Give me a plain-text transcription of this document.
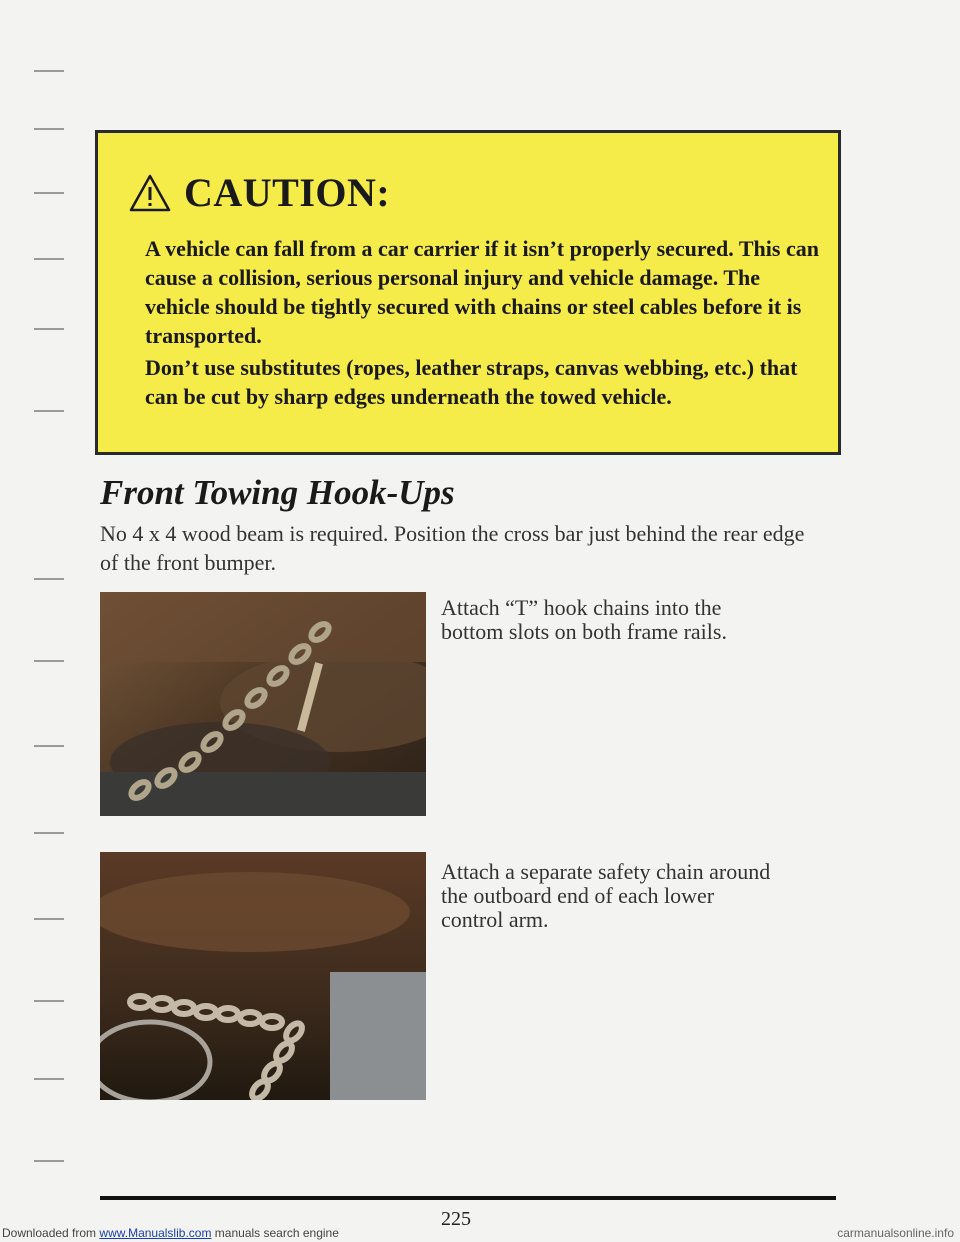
CAUTION:

A vehicle can fall from a car carrier if it isn’t properly secured. This can cause a collision, serious personal injury and vehicle damage. The vehicle should be tightly secured with chains or steel cables before it is transported.

Don’t use substitutes (ropes, leather straps, canvas webbing, etc.) that can be cut by sharp edges underneath the towed vehicle.

Front Towing Hook-Ups

No 4 x 4 wood beam is required. Position the cross bar just behind the rear edge of the front bumper.

Attach “T” hook chains into the bottom slots on both frame rails.

Attach a separate safety chain around the outboard end of each lower control arm.

225
Downloaded from www.Manualslib.com manuals search engine	carmanualsonline.info
